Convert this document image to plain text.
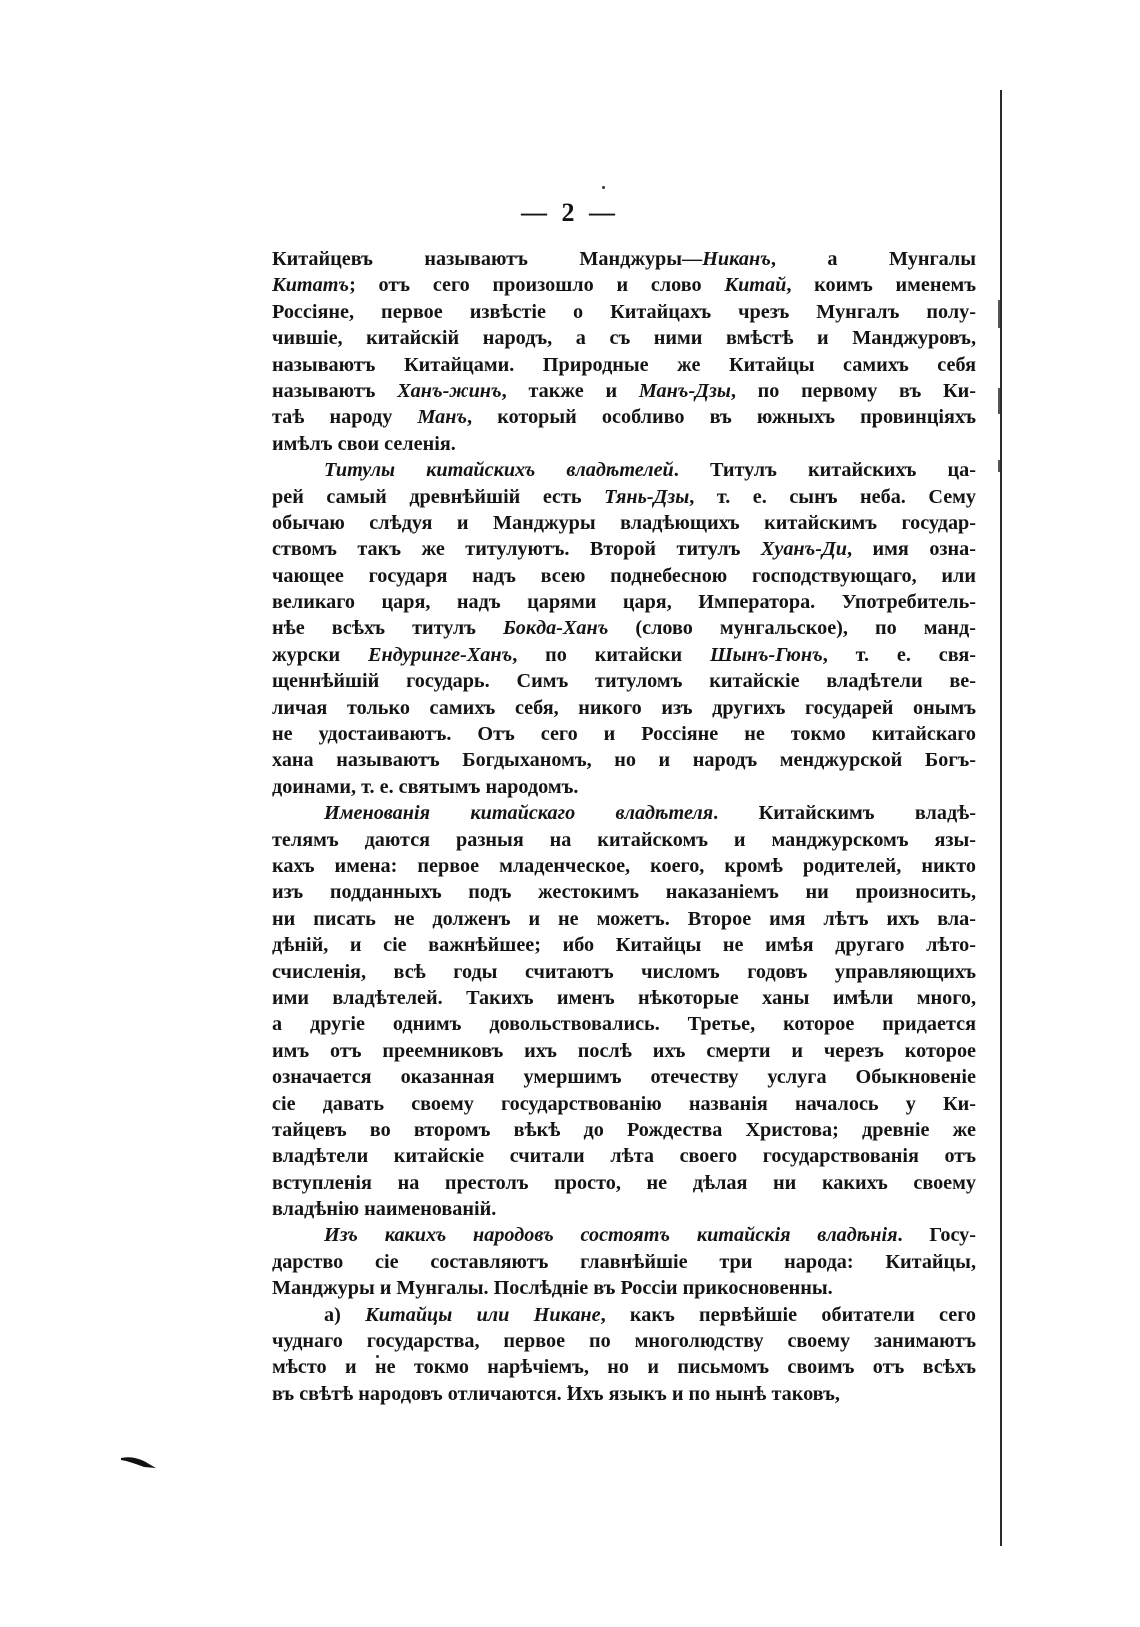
— 2 —
Китайцевъ называютъ Манджуры—Никанъ, а Мунгалы
Китатъ; отъ сего произошло и слово Китай, коимъ именемъ
Россіяне, первое извѣстіе о Китайцахъ чрезъ Мунгалъ полу-
чившіе, китайскій народъ, а съ ними вмѣстѣ и Манджуровъ,
называютъ Китайцами. Природные же Китайцы самихъ себя
называютъ Ханъ-жинъ, также и Манъ-Дзы, по первому въ Ки-
таѣ народу Манъ, который особливо въ южныхъ провинціяхъ
имѣлъ свои селенія.
Титулы китайскихъ владѣтелей. Титулъ китайскихъ ца-
рей самый древнѣйшій есть Тянь-Дзы, т. е. сынъ неба. Сему
обычаю слѣдуя и Манджуры владѣющихъ китайскимъ государ-
ствомъ такъ же титулуютъ. Второй титулъ Хуанъ-Ди, имя озна-
чающее государя надъ всею поднебесною господствующаго, или
великаго царя, надъ царями царя, Императора. Употребитель-
нѣе всѣхъ титулъ Бокда-Ханъ (слово мунгальское), по манд-
журски Ендуринге-Ханъ, по китайски Шынъ-Гюнъ, т. е. свя-
щеннѣйшій государь. Симъ титуломъ китайскіе владѣтели ве-
личая только самихъ себя, никого изъ другихъ государей онымъ
не удостаиваютъ. Отъ сего и Россіяне не токмо китайскаго
хана называютъ Богдыханомъ, но и народъ менджурской Богъ-
доинами, т. е. святымъ народомъ.
Именованія китайскаго владѣтеля. Китайскимъ владѣ-
телямъ даются разныя на китайскомъ и манджурскомъ язы-
кахъ имена: первое младенческое, коего, кромѣ родителей, никто
изъ подданныхъ подъ жестокимъ наказаніемъ ни произносить,
ни писать не долженъ и не можетъ. Второе имя лѣтъ ихъ вла-
дѣній, и сіе важнѣйшее; ибо Китайцы не имѣя другаго лѣто-
счисленія, всѣ годы считаютъ числомъ годовъ управляющихъ
ими владѣтелей. Такихъ именъ нѣкоторые ханы имѣли много,
а другіе однимъ довольствовались. Третье, которое придается
имъ отъ преемниковъ ихъ послѣ ихъ смерти и черезъ которое
означается оказанная умершимъ отечеству услуга Обыкновеніе
сіе давать своему государствованію названія началось у Ки-
тайцевъ во второмъ вѣкѣ до Рождества Христова; древніе же
владѣтели китайскіе считали лѣта своего государствованія отъ
вступленія на престолъ просто, не дѣлая ни какихъ своему
владѣнію наименованій.
Изъ какихъ народовъ состоятъ китайскія владѣнія. Госу-
дарство сіе составляютъ главнѣйшіе три народа: Китайцы,
Манджуры и Мунгалы. Послѣдніе въ Россіи прикосновенны.
a) Китайцы или Никане, какъ первѣйшіе обитатели сего
чуднаго государства, первое по многолюдству своему занимаютъ
мѣсто и не токмо нарѣчіемъ, но и письмомъ своимъ отъ всѣхъ
въ свѣтѣ народовъ отличаются. Ихъ языкъ и по нынѣ таковъ,
